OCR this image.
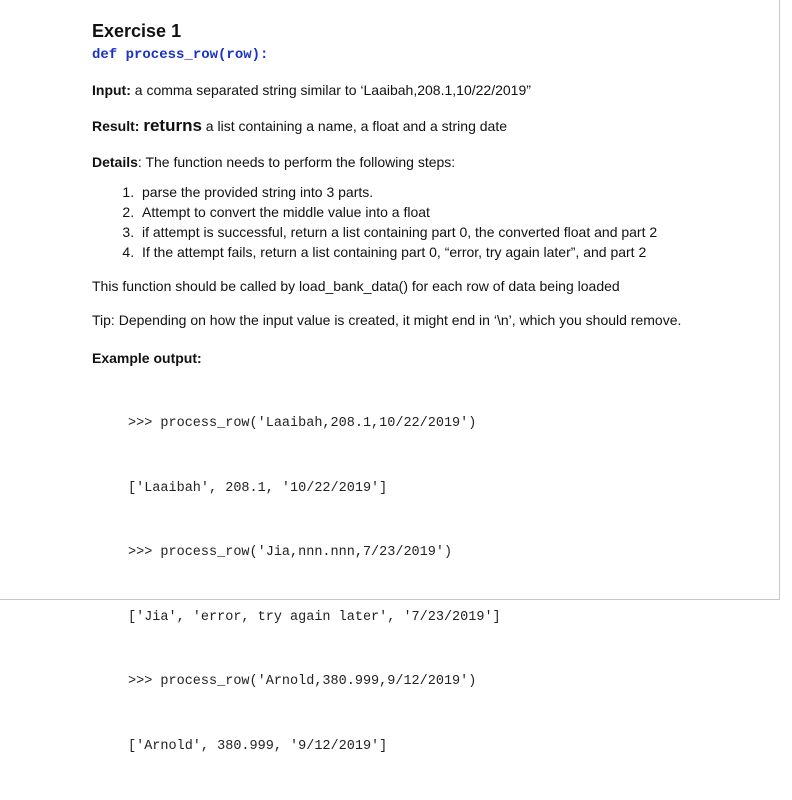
Exercise 1
def process_row(row):

Input: a comma separated string similar to ‘Laaibah,208.1,10/22/2019”

Result: returns a list containing a name, a float and a string date

Details: The function needs to perform the following steps:

1. parse the provided string into 3 parts.
2. Attempt to convert the middle value into a float
3. if attempt is successful, return a list containing part 0, the converted float and part 2
4. If the attempt fails, return a list containing part 0, “error, try again later”, and part 2

This function should be called by load_bank_data() for each row of data being loaded

Tip: Depending on how the input value is created, it might end in ‘\n’, which you should remove.

Example output:

>>> process_row('Laaibah,208.1,10/22/2019')

['Laaibah', 208.1, '10/22/2019']

>>> process_row('Jia,nnn.nnn,7/23/2019')

['Jia', 'error, try again later', '7/23/2019']

>>> process_row('Arnold,380.999,9/12/2019')

['Arnold', 380.999, '9/12/2019']
